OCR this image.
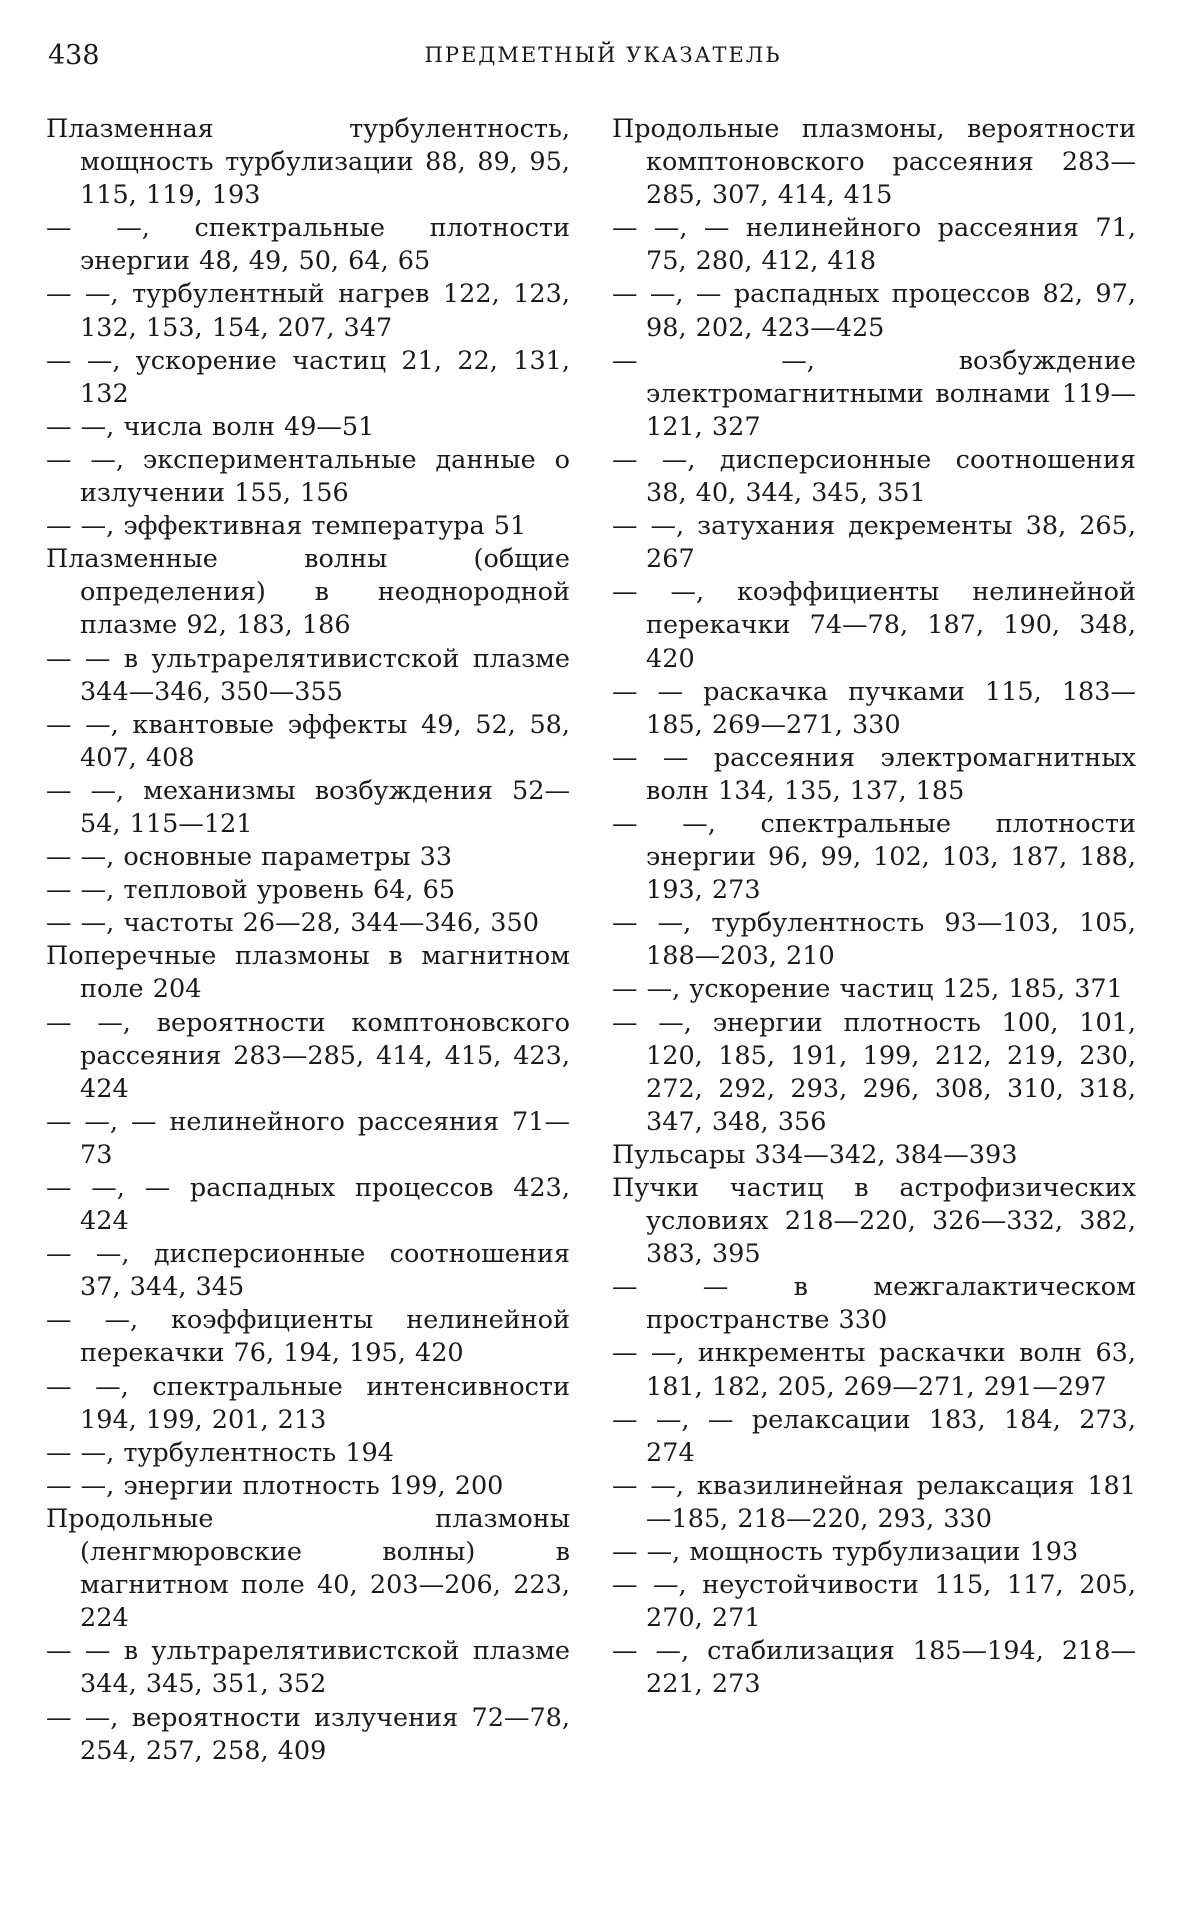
438	ПРЕДМЕТНЫЙ УКАЗАТЕЛЬ

Плазменная турбулентность, мощность турбулизации 88, 89, 95, 115, 119, 193

— —, спектральные плотности энергии 48, 49, 50, 64, 65

— —, турбулентный нагрев 122, 123, 132, 153, 154, 207, 347

— —, ускорение частиц 21, 22, 131, 132

— —, числа волн 49—51

— —, экспериментальные данные о излучении 155, 156

— —, эффективная температура 51

Плазменные волны (общие определения) в неоднородной плазме 92, 183, 186

— — в ультрарелятивистской плазме 344—346, 350—355

— —, квантовые эффекты 49, 52, 58, 407, 408

— —, механизмы возбуждения 52—54, 115—121

— —, основные параметры 33

— —, тепловой уровень 64, 65

— —, частоты 26—28, 344—346, 350

Поперечные плазмоны в магнитном поле 204

— —, вероятности комптоновского рассеяния 283—285, 414, 415, 423, 424

— —, — нелинейного рассеяния 71—73

— —, — распадных процессов 423, 424

— —, дисперсионные соотношения 37, 344, 345

— —, коэффициенты нелинейной перекачки 76, 194, 195, 420

— —, спектральные интенсивности 194, 199, 201, 213

— —, турбулентность 194

— —, энергии плотность 199, 200

Продольные плазмоны (ленгмюровские волны) в магнитном поле 40, 203—206, 223, 224

— — в ультрарелятивистской плазме 344, 345, 351, 352

— —, вероятности излучения 72—78, 254, 257, 258, 409

Продольные плазмоны, вероятности комптоновского рассеяния 283—285, 307, 414, 415

— —, — нелинейного рассеяния 71, 75, 280, 412, 418

— —, — распадных процессов 82, 97, 98, 202, 423—425

— —, возбуждение электромагнитными волнами 119—121, 327

— —, дисперсионные соотношения 38, 40, 344, 345, 351

— —, затухания декременты 38, 265, 267

— —, коэффициенты нелинейной перекачки 74—78, 187, 190, 348, 420

— — раскачка пучками 115, 183—185, 269—271, 330

— — рассеяния электромагнитных волн 134, 135, 137, 185

— —, спектральные плотности энергии 96, 99, 102, 103, 187, 188, 193, 273

— —, турбулентность 93—103, 105, 188—203, 210

— —, ускорение частиц 125, 185, 371

— —, энергии плотность 100, 101, 120, 185, 191, 199, 212, 219, 230, 272, 292, 293, 296, 308, 310, 318, 347, 348, 356

Пульсары 334—342, 384—393

Пучки частиц в астрофизических условиях 218—220, 326—332, 382, 383, 395

— — в межгалактическом пространстве 330

— —, инкременты раскачки волн 63, 181, 182, 205, 269—271, 291—297

— —, — релаксации 183, 184, 273, 274

— —, квазилинейная релаксация 181—185, 218—220, 293, 330

— —, мощность турбулизации 193

— —, неустойчивости 115, 117, 205, 270, 271

— —, стабилизация 185—194, 218—221, 273
